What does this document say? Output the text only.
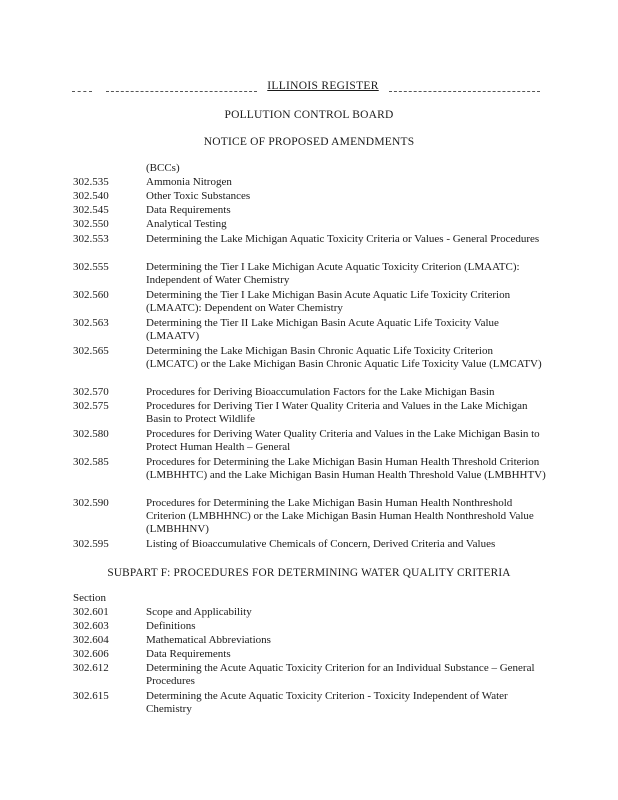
ILLINOIS REGISTER
POLLUTION CONTROL BOARD
NOTICE OF PROPOSED AMENDMENTS
(BCCs)
302.535	Ammonia Nitrogen
302.540	Other Toxic Substances
302.545	Data Requirements
302.550	Analytical Testing
302.553	Determining the Lake Michigan Aquatic Toxicity Criteria or Values - General Procedures
302.555	Determining the Tier I Lake Michigan Acute Aquatic Toxicity Criterion (LMAATC): Independent of Water Chemistry
302.560	Determining the Tier I Lake Michigan Basin Acute Aquatic Life Toxicity Criterion (LMAATC): Dependent on Water Chemistry
302.563	Determining the Tier II Lake Michigan Basin Acute Aquatic Life Toxicity Value (LMAATV)
302.565	Determining the Lake Michigan Basin Chronic Aquatic Life Toxicity Criterion (LMCATC) or the Lake Michigan Basin Chronic Aquatic Life Toxicity Value (LMCATV)
302.570	Procedures for Deriving Bioaccumulation Factors for the Lake Michigan Basin
302.575	Procedures for Deriving Tier I Water Quality Criteria and Values in the Lake Michigan Basin to Protect Wildlife
302.580	Procedures for Deriving Water Quality Criteria and Values in the Lake Michigan Basin to Protect Human Health – General
302.585	Procedures for Determining the Lake Michigan Basin Human Health Threshold Criterion (LMBHHTC) and the Lake Michigan Basin Human Health Threshold Value (LMBHHTV)
302.590	Procedures for Determining the Lake Michigan Basin Human Health Nonthreshold Criterion (LMBHHNC) or the Lake Michigan Basin Human Health Nonthreshold Value (LMBHHNV)
302.595	Listing of Bioaccumulative Chemicals of Concern, Derived Criteria and Values
SUBPART F: PROCEDURES FOR DETERMINING WATER QUALITY CRITERIA
Section
302.601	Scope and Applicability
302.603	Definitions
302.604	Mathematical Abbreviations
302.606	Data Requirements
302.612	Determining the Acute Aquatic Toxicity Criterion for an Individual Substance – General Procedures
302.615	Determining the Acute Aquatic Toxicity Criterion - Toxicity Independent of Water Chemistry
